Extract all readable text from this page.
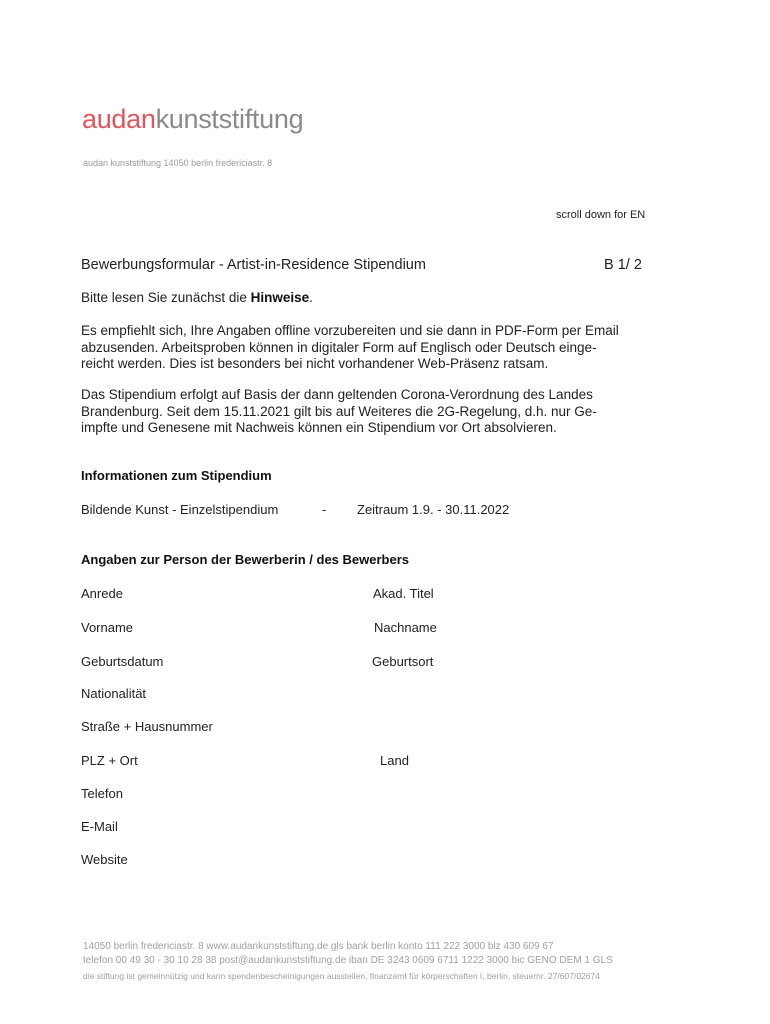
audankunststiftung
audan kunststiftung 14050 berlin fredericiastr. 8
scroll down for EN
Bewerbungsformular - Artist-in-Residence Stipendium	B 1/ 2
Bitte lesen Sie zunächst die Hinweise.
Es empfiehlt sich, Ihre Angaben offline vorzubereiten und sie dann in PDF-Form per Email
abzusenden. Arbeitsproben können in digitaler Form auf Englisch oder Deutsch einge-
reicht werden. Dies ist besonders bei nicht vorhandener Web-Präsenz ratsam.
Das Stipendium erfolgt auf Basis der dann geltenden Corona-Verordnung des Landes
Brandenburg. Seit dem 15.11.2021 gilt bis auf Weiteres die 2G-Regelung, d.h. nur Ge-
impfte und Genesene mit Nachweis können ein Stipendium vor Ort absolvieren.
Informationen zum Stipendium
Bildende Kunst - Einzelstipendium	- Zeitraum 1.9. - 30.11.2022
Angaben zur Person der Bewerberin / des Bewerbers
Anrede	Akad. Titel
Vorname	Nachname
Geburtsdatum	Geburtsort
Nationalität
Straße + Hausnummer
PLZ + Ort	Land
Telefon
E-Mail
Website
14050 berlin fredericiastr. 8 www.audankunststiftung.de gls bank berlin konto 111 222 3000 blz 430 609 67
telefon 00 49 30 - 30 10 28 38 post@audankunststiftung.de iban DE 3243 0609 6711 1222 3000 bic GENO DEM 1 GLS
die stiftung ist gemeinnützig und kann spendenbescheinigungen ausstellen, finanzamt für körperschaften I, berlin, steuernr. 27/607/02674
